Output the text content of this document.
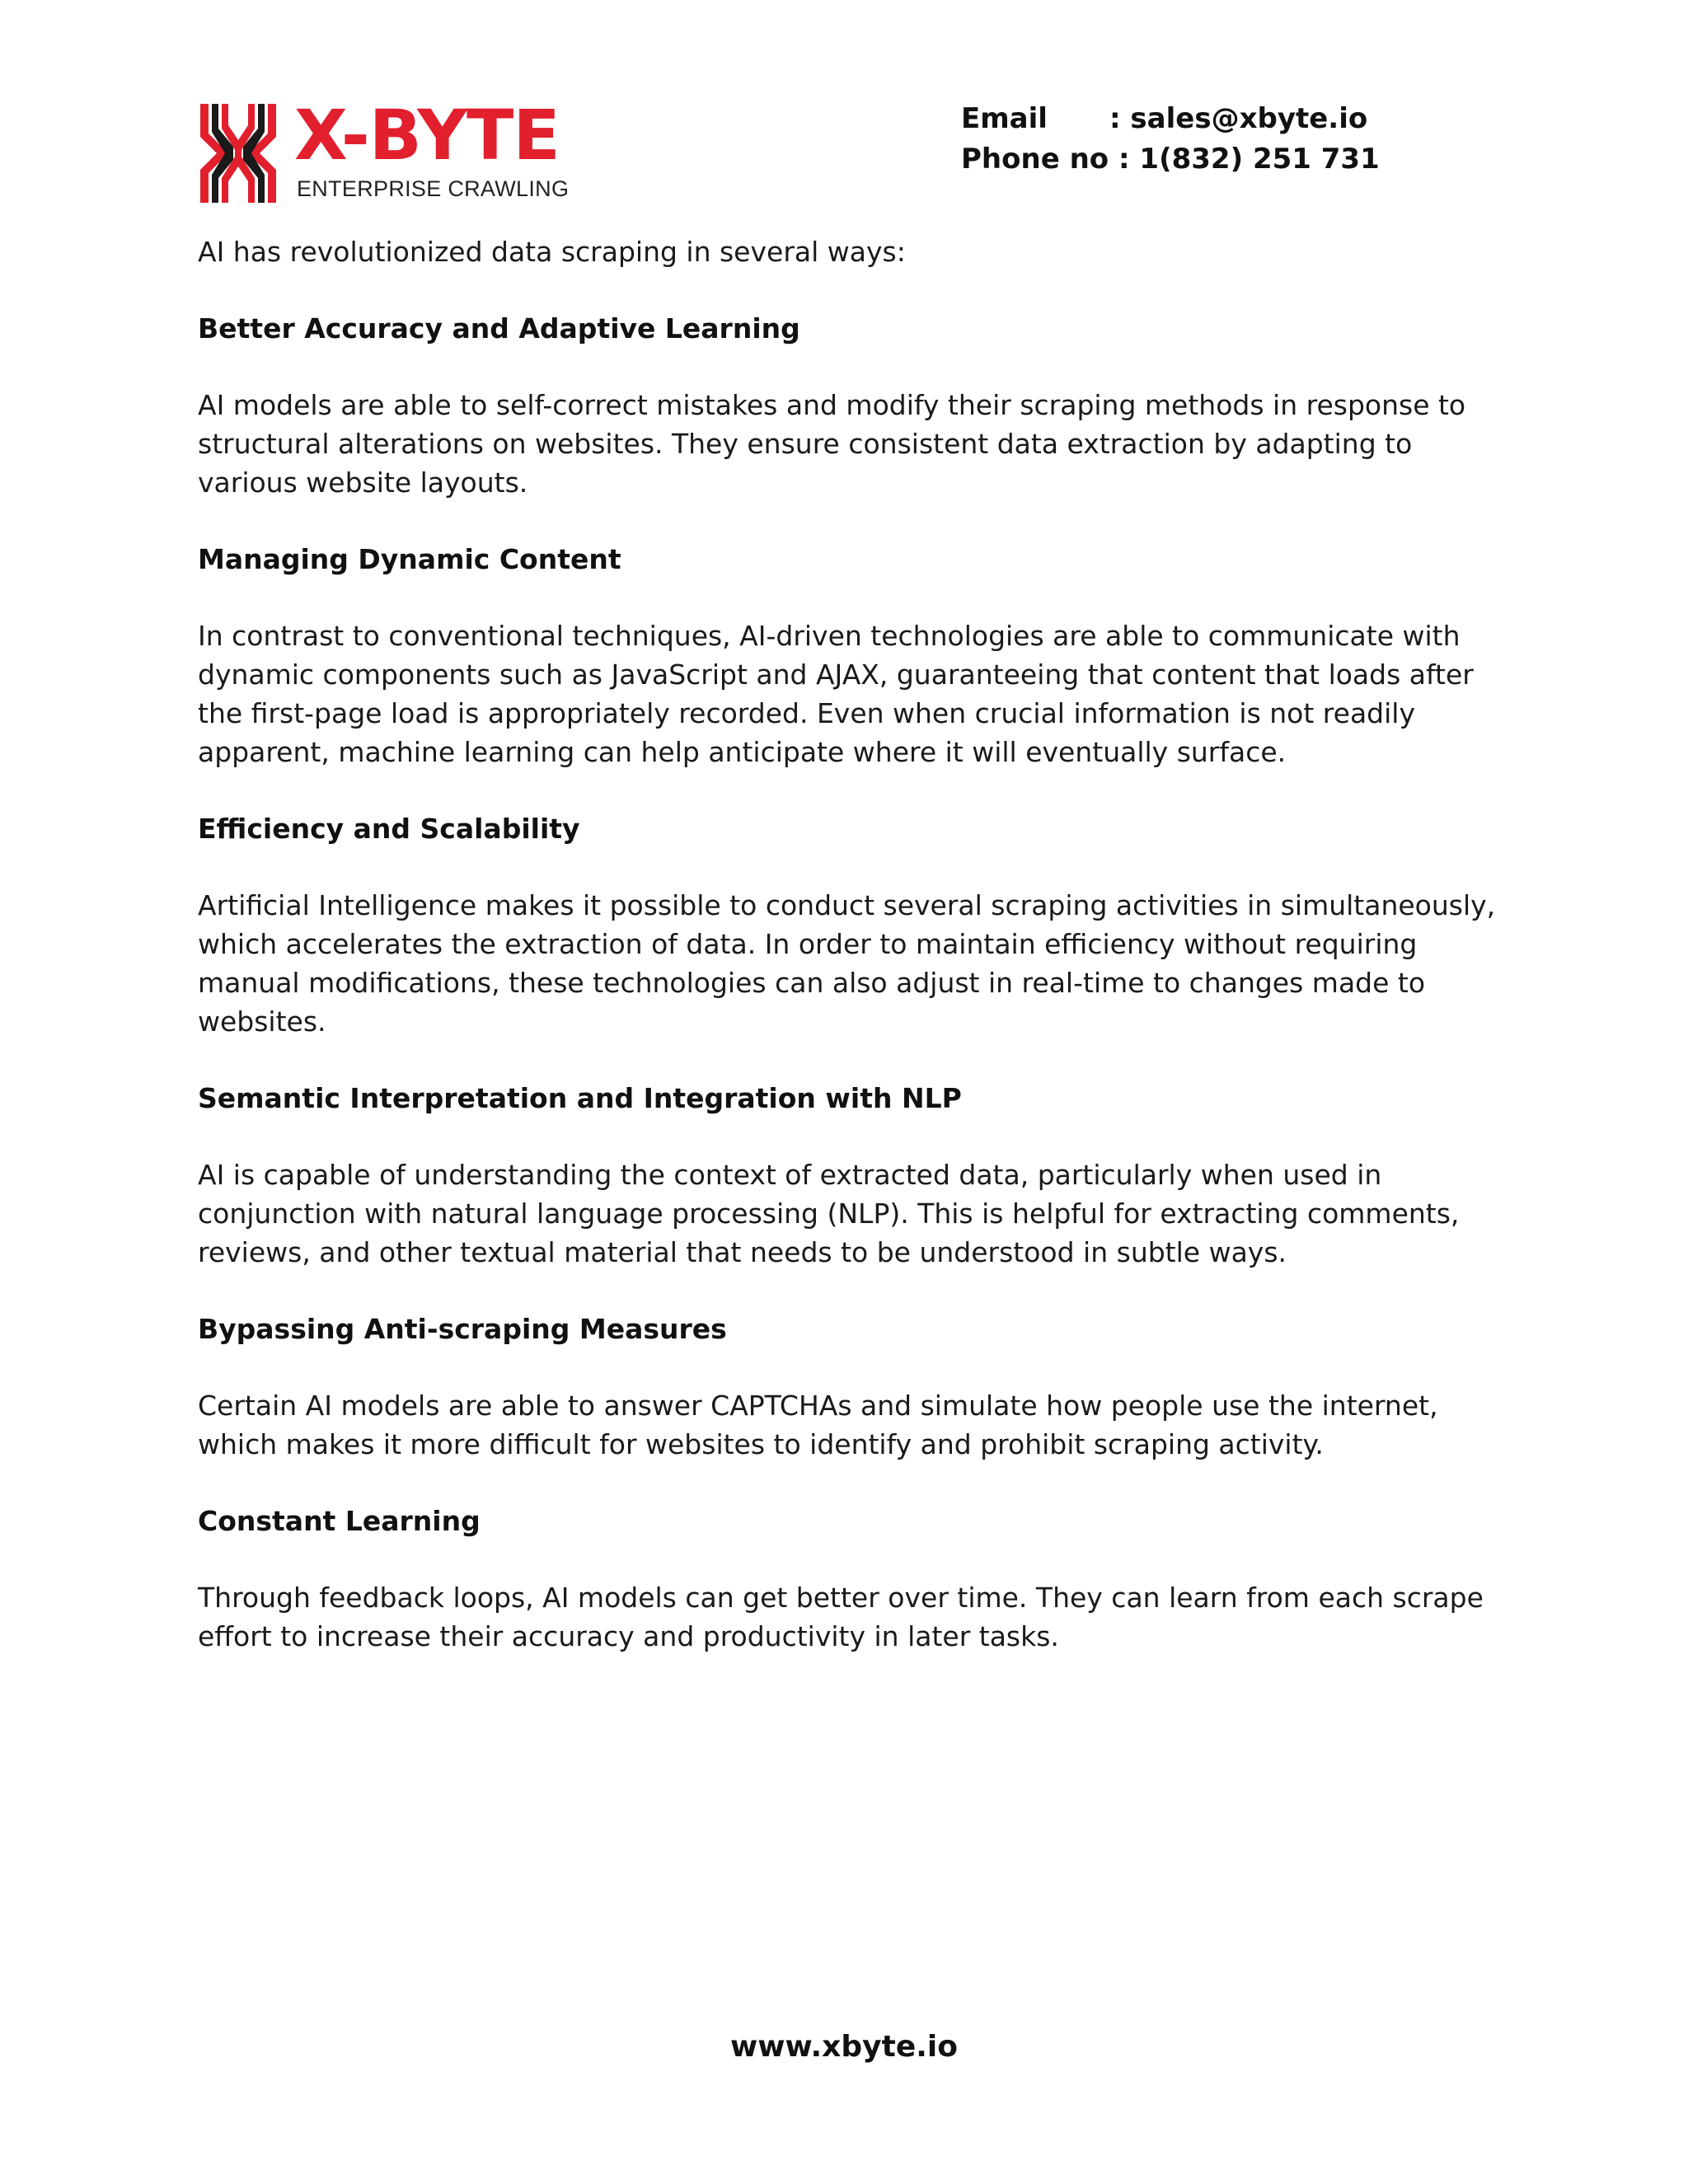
X-BYTE
ENTERPRISE CRAWLING
Email	: sales@xbyte.io
Phone no : 1(832) 251 731

AI has revolutionized data scraping in several ways:

Better Accuracy and Adaptive Learning

AI models are able to self-correct mistakes and modify their scraping methods in response to structural alterations on websites. They ensure consistent data extraction by adapting to various website layouts.

Managing Dynamic Content

In contrast to conventional techniques, AI-driven technologies are able to communicate with dynamic components such as JavaScript and AJAX, guaranteeing that content that loads after the first-page load is appropriately recorded. Even when crucial information is not readily apparent, machine learning can help anticipate where it will eventually surface.

Efficiency and Scalability

Artificial Intelligence makes it possible to conduct several scraping activities in simultaneously, which accelerates the extraction of data. In order to maintain efficiency without requiring manual modifications, these technologies can also adjust in real-time to changes made to websites.

Semantic Interpretation and Integration with NLP

AI is capable of understanding the context of extracted data, particularly when used in conjunction with natural language processing (NLP). This is helpful for extracting comments, reviews, and other textual material that needs to be understood in subtle ways.

Bypassing Anti-scraping Measures

Certain AI models are able to answer CAPTCHAs and simulate how people use the internet, which makes it more difficult for websites to identify and prohibit scraping activity.

Constant Learning

Through feedback loops, AI models can get better over time. They can learn from each scrape effort to increase their accuracy and productivity in later tasks.

www.xbyte.io
